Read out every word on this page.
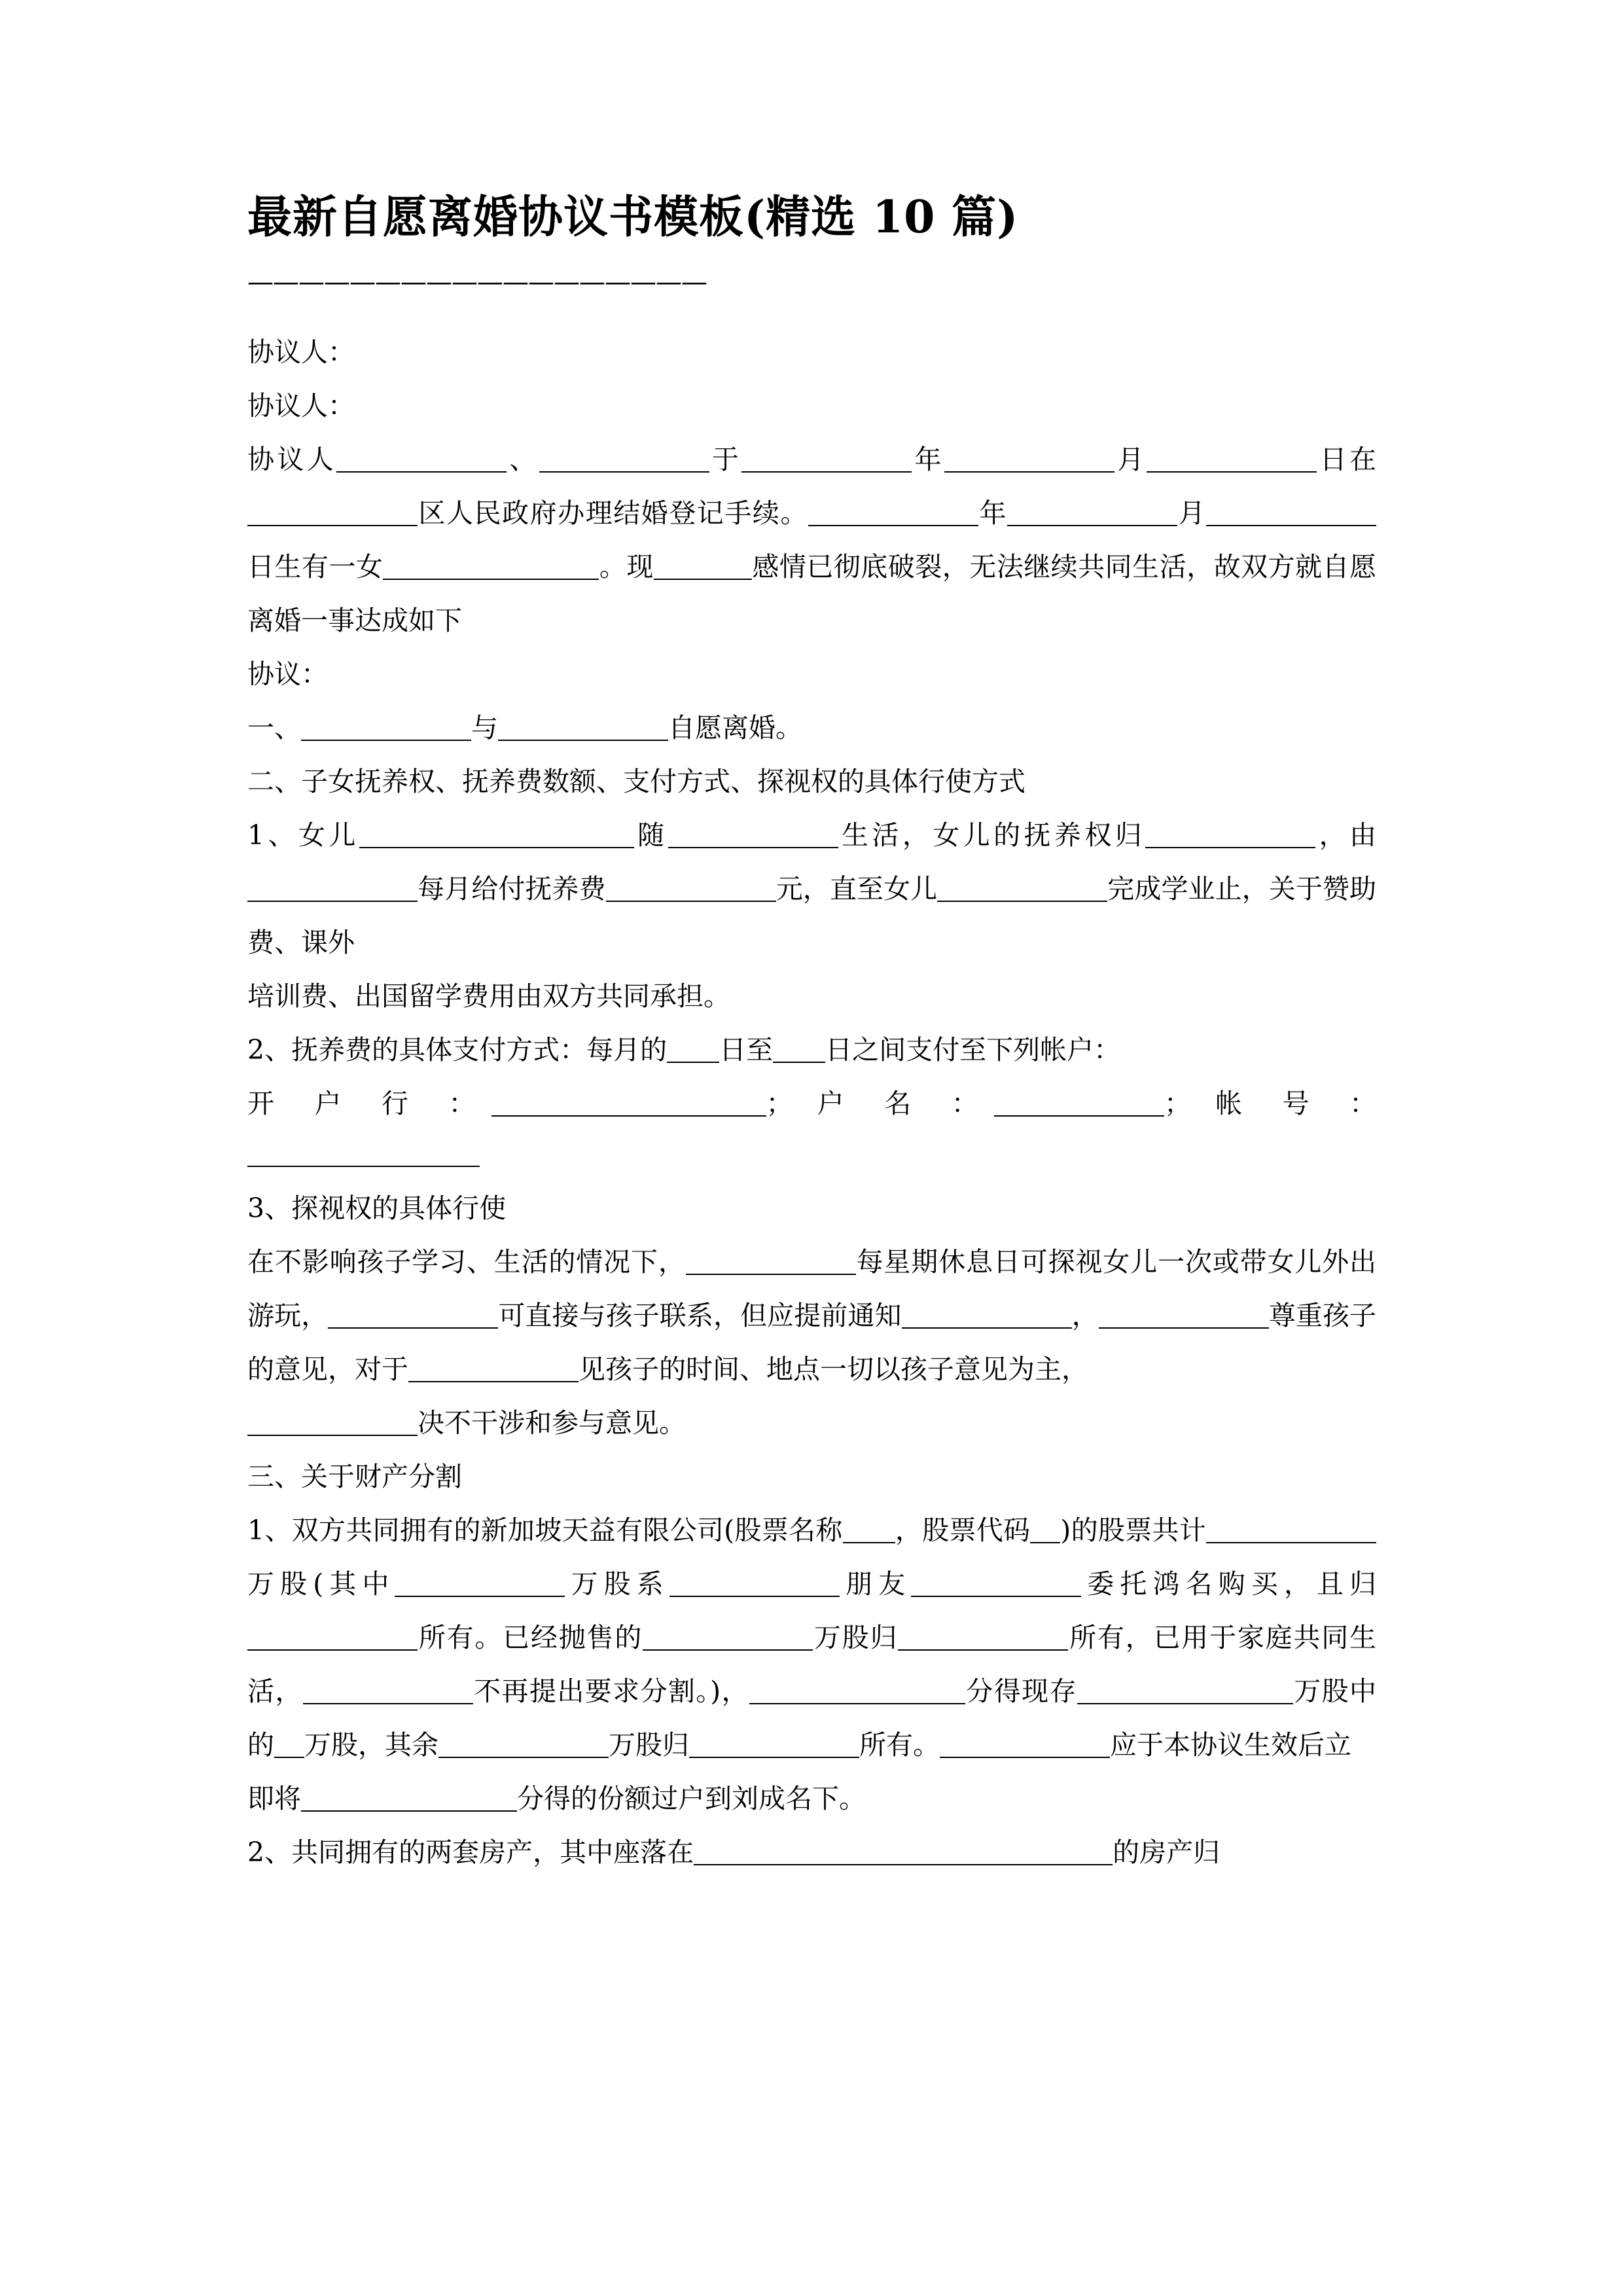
最新自愿离婚协议书模板(精选 10 篇)
——————————————————

协议人：

协议人：

协议人	、	于	年	月	日在区人民政府办理结婚登记手续。	年	月日生有一女	。现	感情已彻底破裂，无法继续共同生活，故双方就自愿离婚一事达成如下

协议：

一、	与	自愿离婚。

二、子女抚养权、抚养费数额、支付方式、探视权的具体行使方式

1、女儿	随	生活，女儿的抚养权归	，由每月给付抚养费	元，直至女儿	完成学业止，关于赞助费、课外

培训费、出国留学费用由双方共同承担。

2、抚养费的具体支付方式：每月的 日至 日之间支付至下列帐户：

开 户 行 ：	； 户 名 ：	； 帐 号 ：

3、探视权的具体行使

在不影响孩子学习、生活的情况下，	每星期休息日可探视女儿一次或带女儿外出游玩，	可直接与孩子联系，但应提前通知	，	尊重孩子的意见，对于	见孩子的时间、地点一切以孩子意见为主，

决不干涉和参与意见。

三、关于财产分割

1、双方共同拥有的新加坡天益有限公司(股票名称 ，股票代码 )的股票共计万股(其中	万股系	朋友	委托鸿名购买，且归所有。已经抛售的	万股归	所有，已用于家庭共同生活，	不再提出要求分割。)，	分得现存	万股中的 万股，其余	万股归	所有。	应于本协议生效后立

即将	分得的份额过户到刘成名下。

2、共同拥有的两套房产，其中座落在	的房产归
